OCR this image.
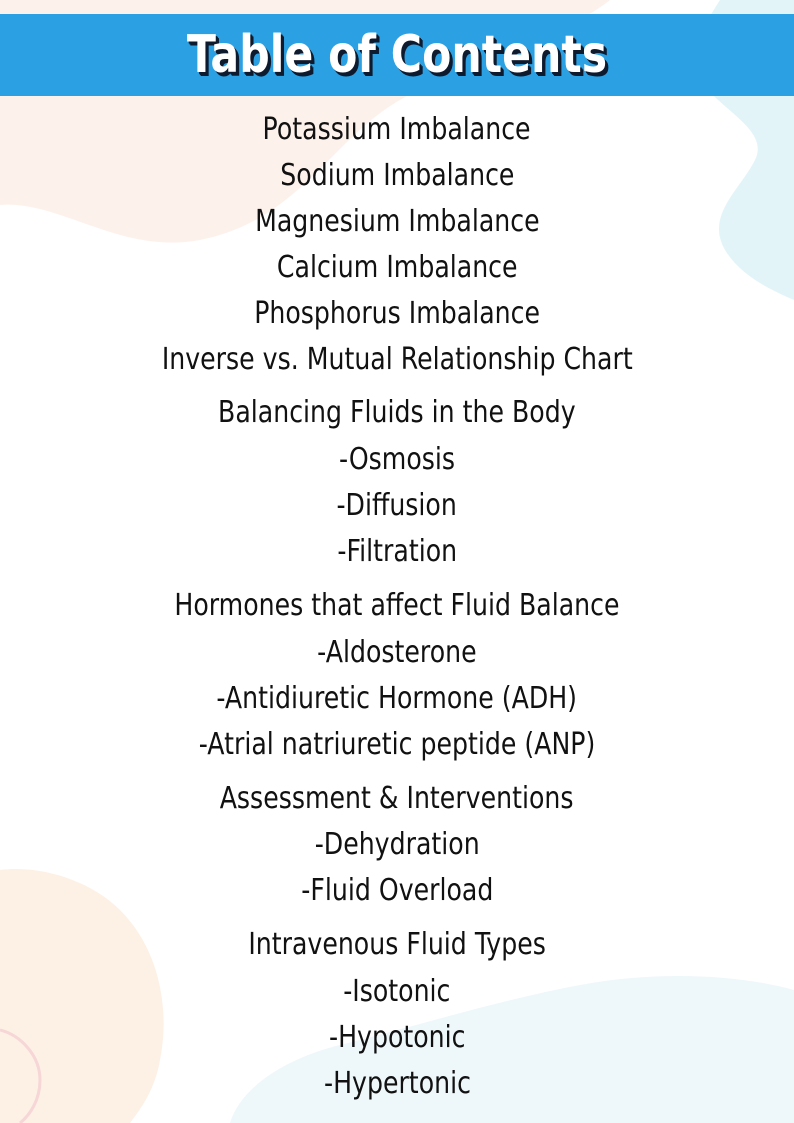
Table of Contents
Potassium Imbalance
Sodium Imbalance
Magnesium Imbalance
Calcium Imbalance
Phosphorus Imbalance
Inverse vs. Mutual Relationship Chart
Balancing Fluids in the Body
-Osmosis
-Diffusion
-Filtration
Hormones that affect Fluid Balance
-Aldosterone
-Antidiuretic Hormone (ADH)
-Atrial natriuretic peptide (ANP)
Assessment & Interventions
-Dehydration
-Fluid Overload
Intravenous Fluid Types
-Isotonic
-Hypotonic
-Hypertonic
